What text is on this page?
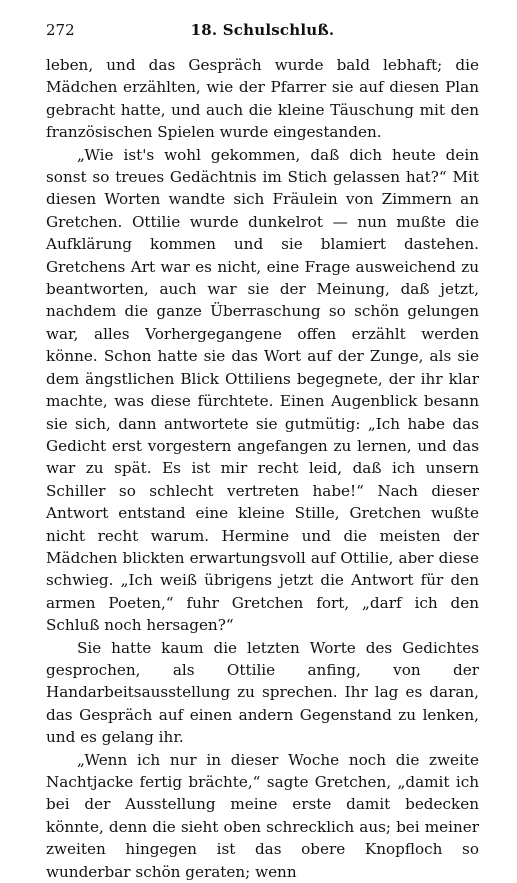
272	18. Schulschluß.

leben, und das Gespräch wurde bald lebhaft; die Mädchen erzählten, wie der Pfarrer sie auf diesen Plan gebracht hatte, und auch die kleine Täuschung mit den französischen Spielen wurde eingestanden.

„Wie ist's wohl gekommen, daß dich heute dein sonst so treues Gedächtnis im Stich gelassen hat?“ Mit diesen Worten wandte sich Fräulein von Zimmern an Gretchen. Ottilie wurde dunkelrot — nun mußte die Aufklärung kommen und sie blamiert dastehen. Gretchens Art war es nicht, eine Frage ausweichend zu beantworten, auch war sie der Meinung, daß jetzt, nachdem die ganze Überraschung so schön gelungen war, alles Vorhergegangene offen erzählt werden könne. Schon hatte sie das Wort auf der Zunge, als sie dem ängstlichen Blick Ottiliens begegnete, der ihr klar machte, was diese fürchtete. Einen Augenblick besann sie sich, dann antwortete sie gutmütig: „Ich habe das Gedicht erst vorgestern angefangen zu lernen, und das war zu spät. Es ist mir recht leid, daß ich unsern Schiller so schlecht vertreten habe!“ Nach dieser Antwort entstand eine kleine Stille, Gretchen wußte nicht recht warum. Hermine und die meisten der Mädchen blickten erwartungsvoll auf Ottilie, aber diese schwieg. „Ich weiß übrigens jetzt die Antwort für den armen Poeten,“ fuhr Gretchen fort, „darf ich den Schluß noch hersagen?“

Sie hatte kaum die letzten Worte des Gedichtes gesprochen, als Ottilie anfing, von der Handarbeitsausstellung zu sprechen. Ihr lag es daran, das Gespräch auf einen andern Gegenstand zu lenken, und es gelang ihr.

„Wenn ich nur in dieser Woche noch die zweite Nachtjacke fertig brächte,“ sagte Gretchen, „damit ich bei der Ausstellung meine erste damit bedecken könnte, denn die sieht oben schrecklich aus; bei meiner zweiten hingegen ist das obere Knopfloch so wunderbar schön geraten; wenn
